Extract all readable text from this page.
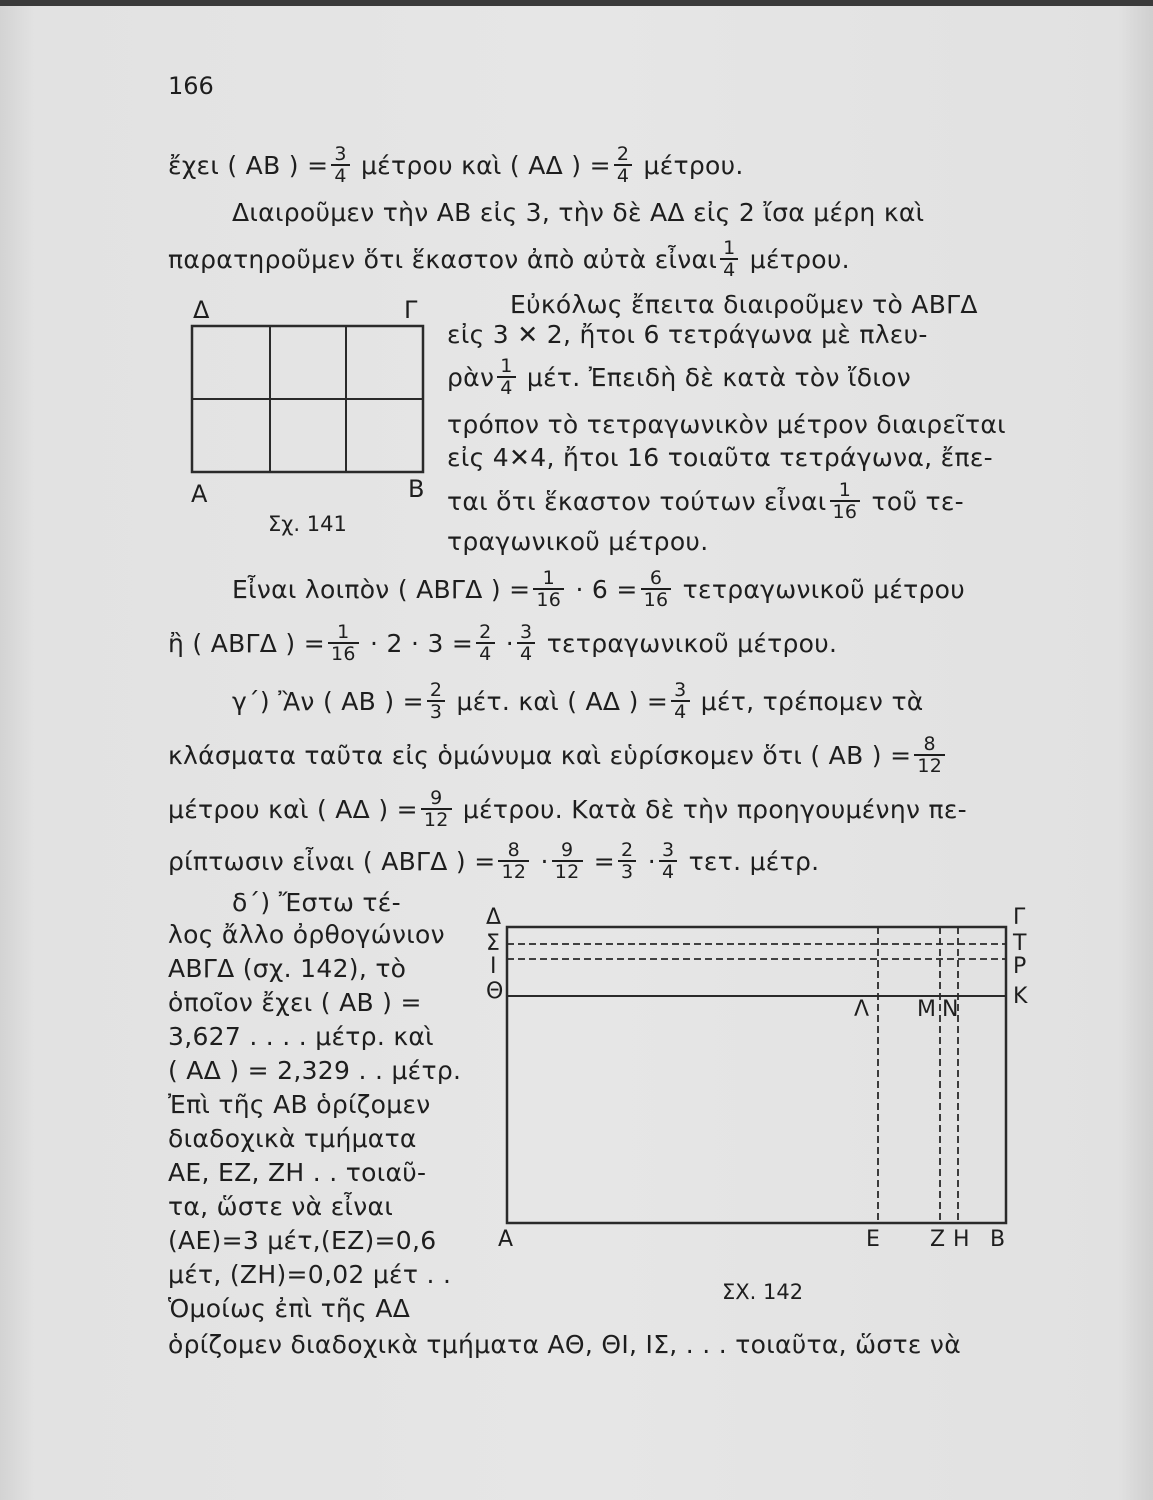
166
ἔχει ( AB ) = $\frac{3}{4}$ μέτρου καὶ ( AΔ ) = $\frac{2}{4} \mu έ\tau\rho o\upsilon$.
Διαιροῦμεν τὴν AB εἰς 3, τὴν δὲ AΔ εἰς 2 ἴσα μέρη καὶ
παρατηροῦμεν ὅτι ἕκαστον ἀπὸ αὐτὰ εἶναι $\frac{1}{4} \mu έ\tau\rho o\upsilon$.
Εὐκόλως ἔπειτα διαιροῦμεν τὸ ABΓΔ
εἰς 3 ✕ 2, ἤτοι 6 τετράγωνα μὲ πλευ-
ρὰν $\frac{1}{4} \mu έ\tau$. Ἐπειδὴ δὲ κατὰ τὸν ἴδιον
τρόπον τὸ τετραγωνικὸν μέτρον διαιρεῖται
εἰς 4✕4, ἤτοι 16 τοιαῦτα τετράγωνα, ἔπε-
ται ὅτι ἕκαστον τούτων εἶναι $\frac{1}{16}$ τοῦ τε-
τραγωνικοῦ μέτρου.
Δ	Γ
A	B
Σχ. 141
Εἶναι λοιπὸν ( ABΓΔ ) = $\frac{1}{16} \cdot 6 = \frac{6}{16}$ τετραγωνικοῦ μέτρου
ἢ ( ABΓΔ ) = $\frac{1}{16} \cdot 2 \cdot 3 = \frac{2}{4} \cdot \frac{3}{4}$ τετραγωνικοῦ μέτρου.
γ΄) Ἂν ( AB ) = $\frac{2}{3} \mu έ\tau$. καὶ ( AΔ ) = $\frac{3}{4} \mu έ\tau$, τρέπομεν τὰ
κλάσματα ταῦτα εἰς ὁμώνυμα καὶ εὑρίσκομεν ὅτι ( AB ) = $\frac{8}{12}$
μέτρου καὶ ( AΔ ) = $\frac{9}{12} \mu έ\tau\rho o\upsilon$. Κατὰ δὲ τὴν προηγουμένην πε-
ρίπτωσιν εἶναι ( ABΓΔ ) = $\frac{8}{12} \cdot \frac{9}{12} = \frac{2}{3} \cdot \frac{3}{4} \tau\varepsilon\tau$. μέτρ.
δ΄) Ἔστω τέ-
λος ἄλλο ὀρθογώνιον
ABΓΔ (σχ. 142), τὸ
ὁποῖον ἔχει ( AB ) =
3,627 . . . . μέτρ. καὶ
( AΔ ) = 2,329 . . μέτρ.
Ἐπὶ τῆς AB ὁρίζομεν
διαδοχικὰ τμήματα
AE, EZ, ZH . . τοιαῦ-
τα, ὥστε νὰ εἶναι
(AE)=3 μέτ,(EZ)=0,6
μέτ, (ZH)=0,02 μέτ . .
Ὁμοίως ἐπὶ τῆς AΔ
ὁρίζομεν διαδοχικὰ τμήματα AΘ, ΘI, IΣ, . . . τοιαῦτα, ὥστε νὰ
Δ
Σ
I
Θ
Γ
T
P
K
Λ M N
A	E Z H B
ΣΧ. 142
